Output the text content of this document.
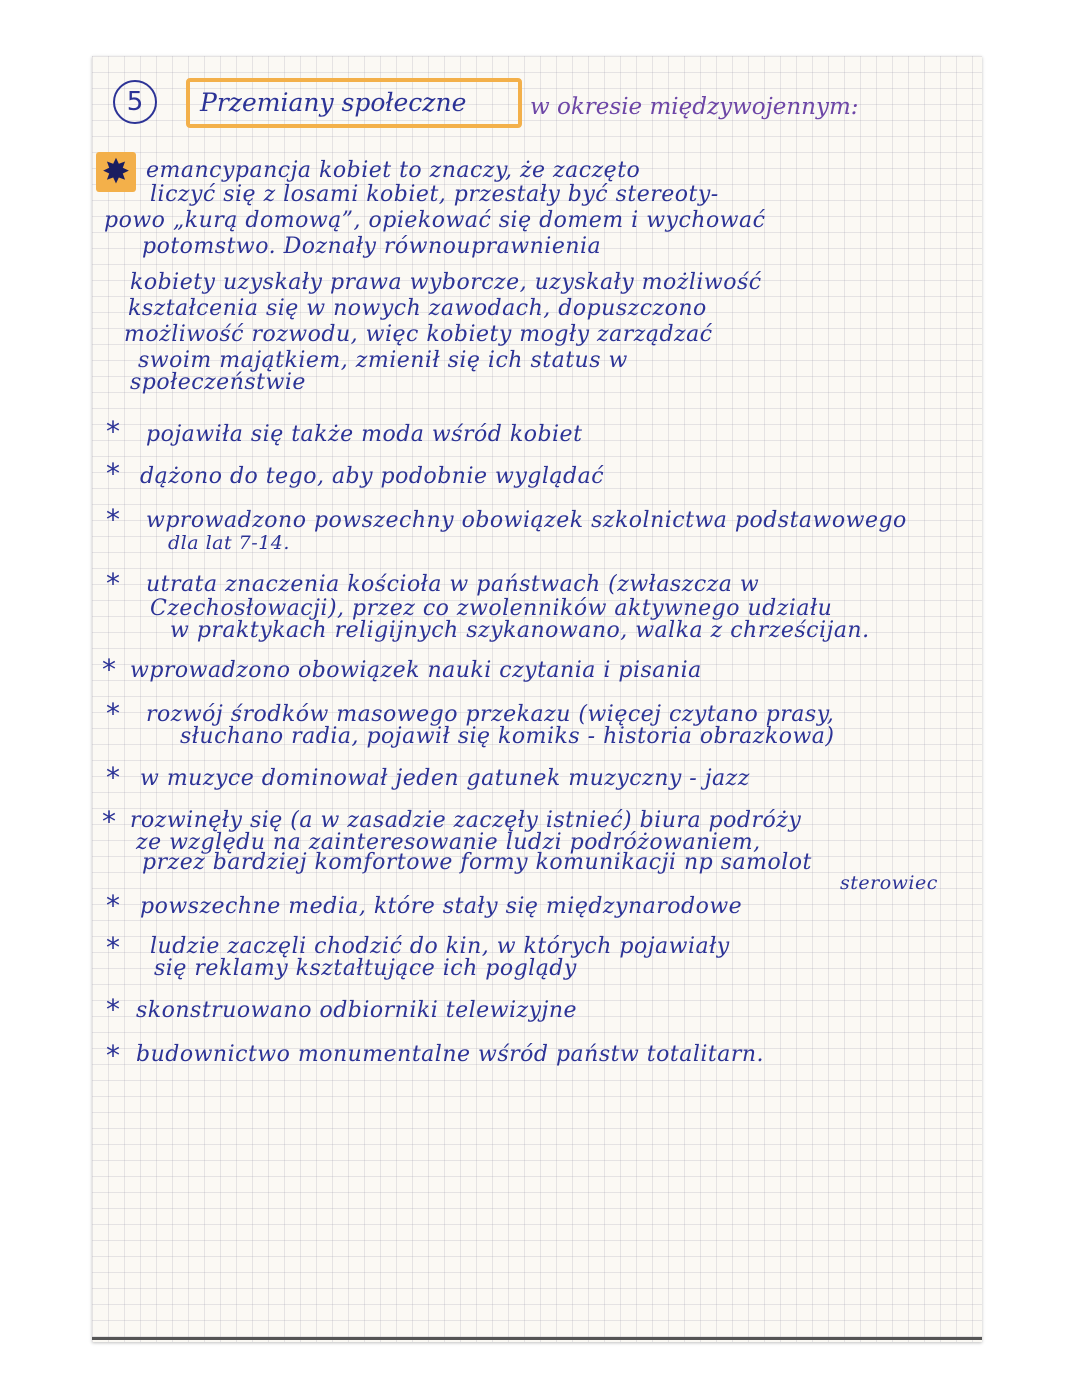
5	Przemiany społeczne	w okresie międzywojennym:
✸ emancypancja kobiet to znaczy, że zaczęto
liczyć się z losami kobiet, przestały być stereoty-
powo „kurą domową”, opiekować się domem i wychować
potomstwo. Doznały równouprawnienia
kobiety uzyskały prawa wyborcze, uzyskały możliwość
kształcenia się w nowych zawodach, dopuszczono
możliwość rozwodu, więc kobiety mogły zarządzać
swoim majątkiem, zmienił się ich status w
społeczeństwie
* pojawiła się także moda wśród kobiet
* dążono do tego, aby podobnie wyglądać
* wprowadzono powszechny obowiązek szkolnictwa podstawowego
dla lat 7-14.
* utrata znaczenia kościoła w państwach (zwłaszcza w
Czechosłowacji), przez co zwolenników aktywnego udziału
w praktykach religijnych szykanowano, walka z chrześcijan.
* wprowadzono obowiązek nauki czytania i pisania
* rozwój środków masowego przekazu (więcej czytano prasy,
słuchano radia, pojawił się komiks - historia obrazkowa)
* w muzyce dominował jeden gatunek muzyczny - jazz
* rozwinęły się (a w zasadzie zaczęły istnieć) biura podróży
ze względu na zainteresowanie ludzi podróżowaniem,
przez bardziej komfortowe formy komunikacji np samolot
sterowiec
* powszechne media, które stały się międzynarodowe
* ludzie zaczęli chodzić do kin, w których pojawiały
się reklamy kształtujące ich poglądy
* skonstruowano odbiorniki telewizyjne
* budownictwo monumentalne wśród państw totalitarn.
